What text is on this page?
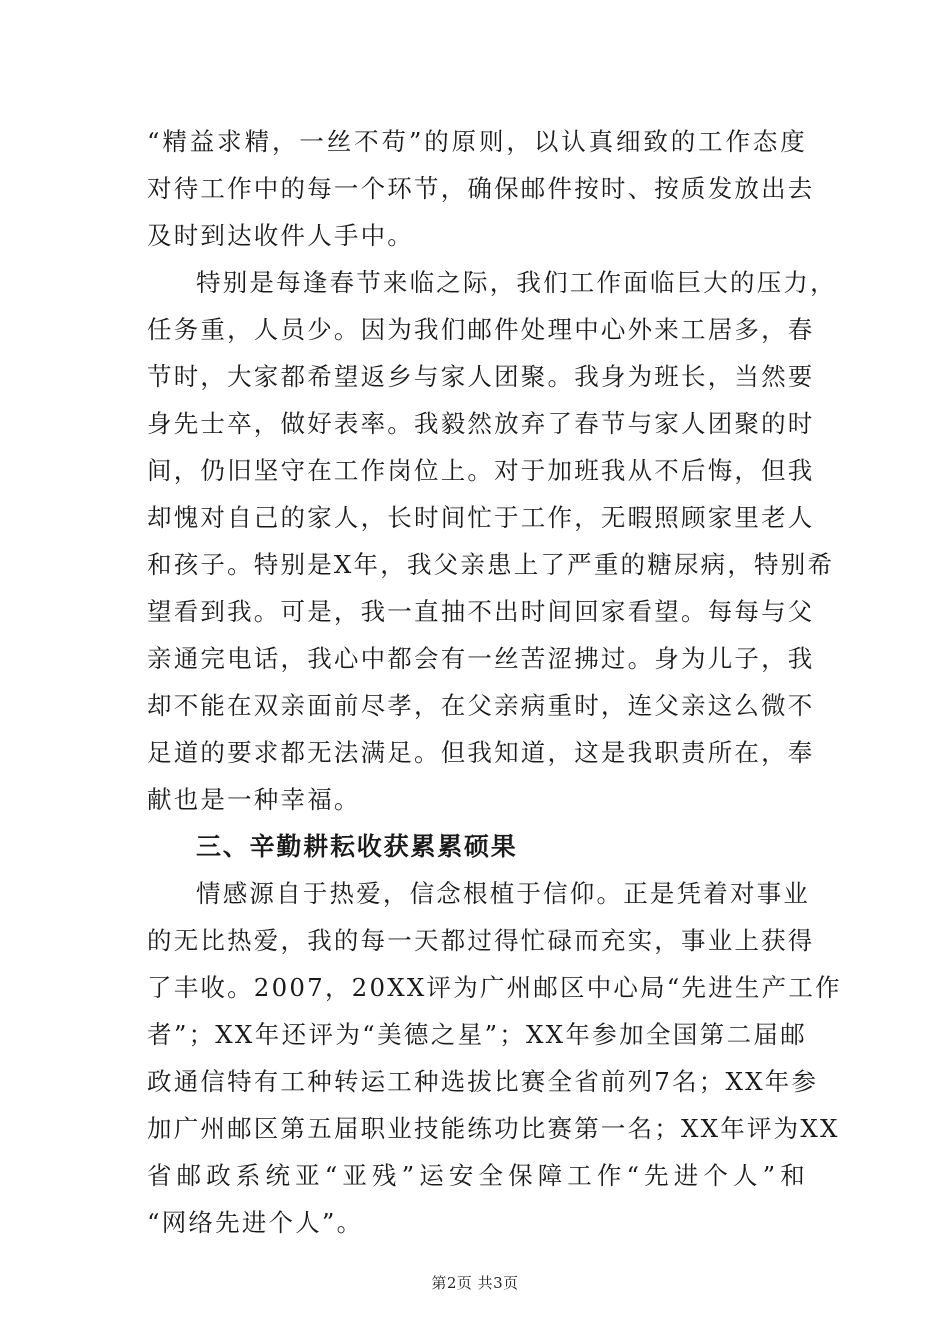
“精益求精，一丝不苟”的原则，以认真细致的工作态度
对待工作中的每一个环节，确保邮件按时、按质发放出去
及时到达收件人手中。
特别是每逢春节来临之际，我们工作面临巨大的压力，
任务重，人员少。因为我们邮件处理中心外来工居多，春
节时，大家都希望返乡与家人团聚。我身为班长，当然要
身先士卒，做好表率。我毅然放弃了春节与家人团聚的时
间，仍旧坚守在工作岗位上。对于加班我从不后悔，但我
却愧对自己的家人，长时间忙于工作，无暇照顾家里老人
和孩子。特别是X年，我父亲患上了严重的糖尿病，特别希
望看到我。可是，我一直抽不出时间回家看望。每每与父
亲通完电话，我心中都会有一丝苦涩拂过。身为儿子，我
却不能在双亲面前尽孝，在父亲病重时，连父亲这么微不
足道的要求都无法满足。但我知道，这是我职责所在，奉
献也是一种幸福。
三、辛勤耕耘收获累累硕果
情感源自于热爱，信念根植于信仰。正是凭着对事业
的无比热爱，我的每一天都过得忙碌而充实，事业上获得
了丰收。2007，20XX评为广州邮区中心局“先进生产工作
者”；XX年还评为“美德之星”；XX年参加全国第二届邮
政通信特有工种转运工种选拔比赛全省前列7名；XX年参
加广州邮区第五届职业技能练功比赛第一名；XX年评为XX
省邮政系统亚“亚残”运安全保障工作“先进个人”和
“网络先进个人”。
第2页 共3页
